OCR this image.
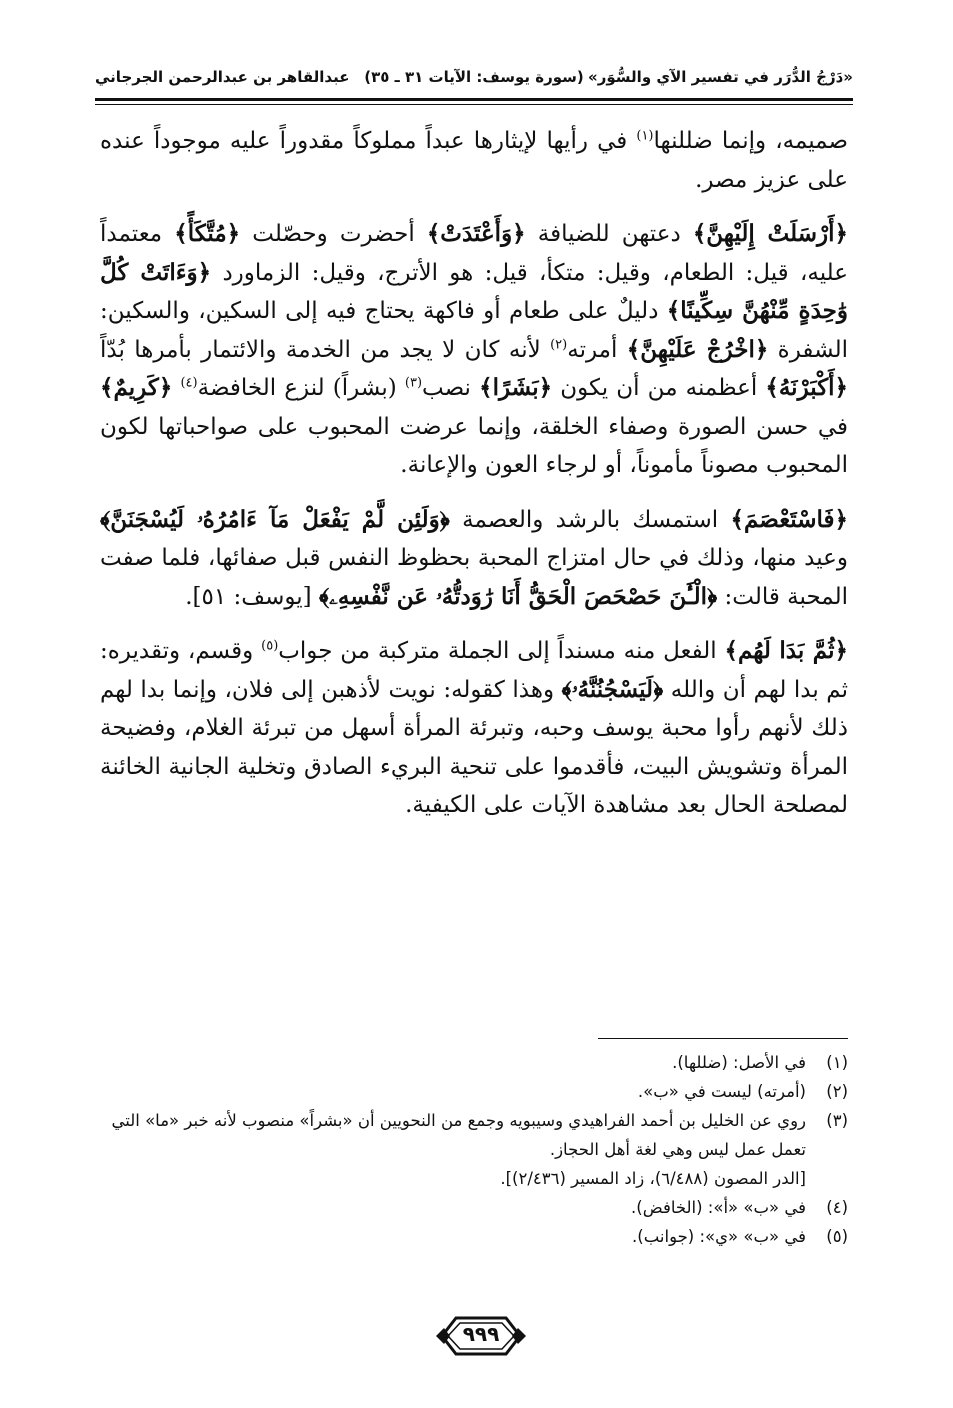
«دَرْجُ الدُّرَر في تفسير الآي والسُّوَر»
(سورة يوسف: الآيات ٣١ ـ ٣٥)
عبدالقاهر بن عبدالرحمن الجرجاني

صميمه، وإنما ضللنها$^{(١)}$ في رأيها لإيثارها عبداً مملوكاً مقدوراً عليه موجوداً عنده على عزيز مصر.

﴿أَرْسَلَتْ إِلَيْهِنَّ﴾ دعتهن للضيافة ﴿وَأَعْتَدَتْ﴾ أحضرت وحصّلت ﴿مُتَّكَأً﴾ معتمداً عليه، قيل: الطعام، وقيل: متكأ، قيل: هو الأترج، وقيل: الزماورد ﴿وَءَاتَتْ كُلَّ وَٰحِدَةٍ مِّنْهُنَّ سِكِّينًا﴾ دليلٌ على طعام أو فاكهة يحتاج فيه إلى السكين، والسكين: الشفرة ﴿اخْرُجْ عَلَيْهِنَّ﴾ أمرته$^{(٢)}$ لأنه كان لا يجد من الخدمة والائتمار بأمرها بُدّاً ﴿أَكْبَرْنَهُ﴾ أعظمنه من أن يكون ﴿بَشَرًا﴾ نصب$^{(٣)}$ (بشراً) لنزع الخافضة$^{(٤)}$ ﴿كَرِيمٌ﴾ في حسن الصورة وصفاء الخلقة، وإنما عرضت المحبوب على صواحباتها لكون المحبوب مصوناً مأموناً، أو لرجاء العون والإعانة.

﴿فَاسْتَعْصَمَ﴾ استمسك بالرشد والعصمة ﴿وَلَئِن لَّمْ يَفْعَلْ مَآ ءَامُرُهُۥ لَيُسْجَنَنَّ﴾ وعيد منها، وذلك في حال امتزاج المحبة بحظوظ النفس قبل صفائها، فلما صفت المحبة قالت: ﴿الْـَٰٔنَ حَصْحَصَ الْحَقُّ أَنَا رَٰوَدتُّهُۥ عَن نَّفْسِهِۦ﴾ [يوسف: ٥١].

﴿ثُمَّ بَدَا لَهُم﴾ الفعل منه مسنداً إلى الجملة متركبة من جواب$^{(٥)}$ وقسم، وتقديره: ثم بدا لهم أن والله ﴿لَيَسْجُنُنَّهُۥ﴾ وهذا كقوله: نويت لأذهبن إلى فلان، وإنما بدا لهم ذلك لأنهم رأوا محبة يوسف وحبه، وتبرئة المرأة أسهل من تبرئة الغلام، وفضيحة المرأة وتشويش البيت، فأقدموا على تنحية البريء الصادق وتخلية الجانية الخائنة لمصلحة الحال بعد مشاهدة الآيات على الكيفية.

(١)
في الأصل: (ضللها).
(٢)
(أمرته) ليست في «ب».
(٣)
روي عن الخليل بن أحمد الفراهيدي وسيبويه وجمع من النحويين أن «بشراً» منصوب لأنه خبر «ما» التي تعمل عمل ليس وهي لغة أهل الحجاز.
[الدر المصون (٦/٤٨٨)، زاد المسير (٢/٤٣٦)].
(٤)
في «ب» «أ»: (الخافض).
(٥)
في «ب» «ي»: (جوانب).
٩٩٩
